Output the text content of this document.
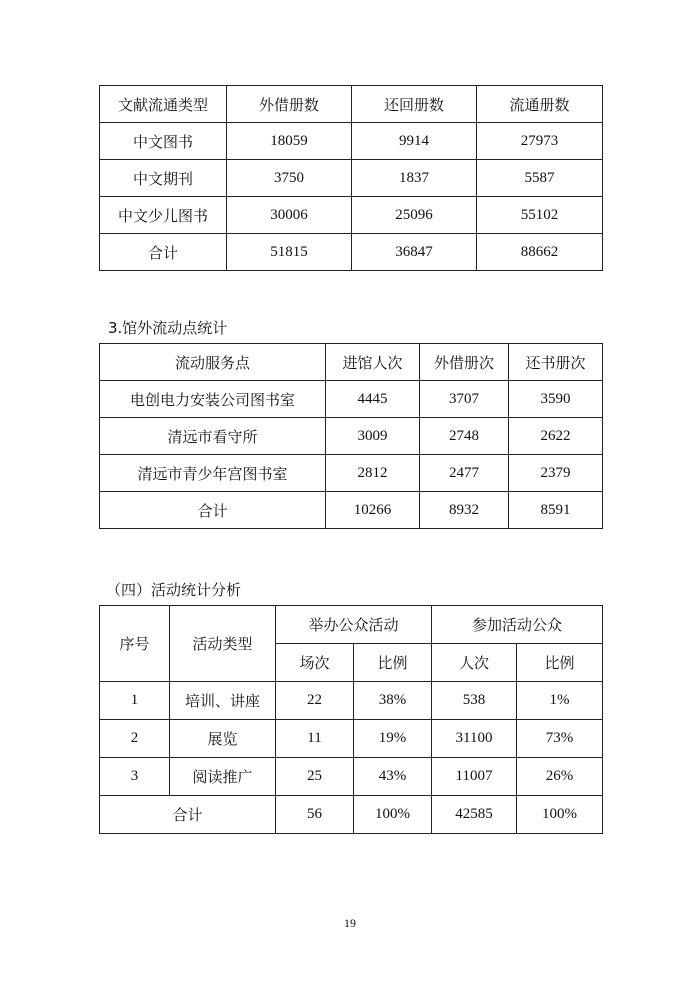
文献流通类型	外借册数	还回册数	流通册数
中文图书	18059	9914	27973
中文期刊	3750	1837	5587
中文少儿图书	30006	25096	55102
合计	51815	36847	88662
3.馆外流动点统计
流动服务点	进馆人次	外借册次	还书册次
电创电力安装公司图书室	4445	3707	3590
清远市看守所	3009	2748	2622
清远市青少年宫图书室	2812	2477	2379
合计	10266	8932	8591
（四）活动统计分析
序号	活动类型	举办公众活动		参加活动公众	
		场次	比例	人次	比例
1	培训、讲座	22	38%	538	1%
2	展览	11	19%	31100	73%
3	阅读推广	25	43%	11007	26%
合计		56	100%	42585	100%
19
